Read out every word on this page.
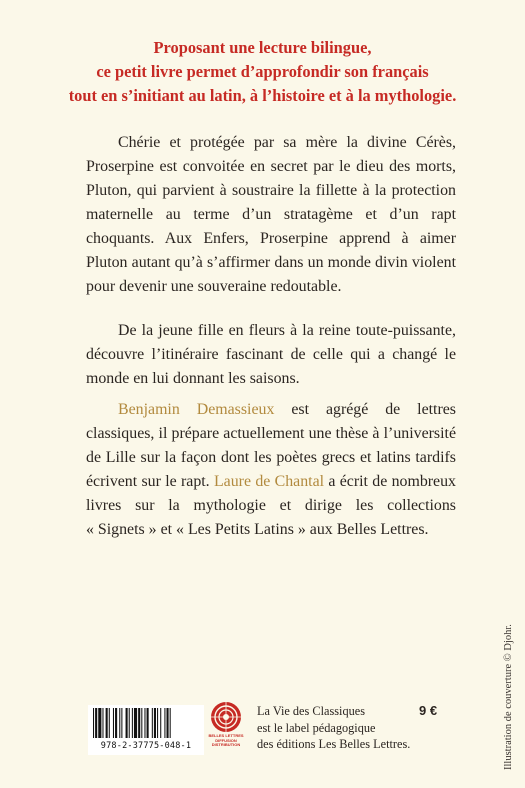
Proposant une lecture bilingue,
ce petit livre permet d’approfondir son français
tout en s’initiant au latin, à l’histoire et à la mythologie.

Chérie et protégée par sa mère la divine Cérès, Proserpine est convoitée en secret par le dieu des morts, Pluton, qui parvient à soustraire la fillette à la protection maternelle au terme d’un stratagème et d’un rapt choquants. Aux Enfers, Proserpine apprend à aimer Pluton autant qu’à s’affirmer dans un monde divin violent pour devenir une souveraine redoutable.

De la jeune fille en fleurs à la reine toute-puissante, découvre l’itinéraire fascinant de celle qui a changé le monde en lui donnant les saisons.

Benjamin Demassieux est agrégé de lettres classiques, il prépare actuellement une thèse à l’université de Lille sur la façon dont les poètes grecs et latins tardifs écrivent sur le rapt. Laure de Chantal a écrit de nombreux livres sur la mythologie et dirige les collections « Signets » et « Les Petits Latins » aux Belles Lettres.

Illustration de couverture © Djohr.
978-2-37775-048-1
BELLES LETTRES
DIFFUSION
DISTRIBUTION
La Vie des Classiques
est le label pédagogique
des éditions Les Belles Lettres.
9 €
